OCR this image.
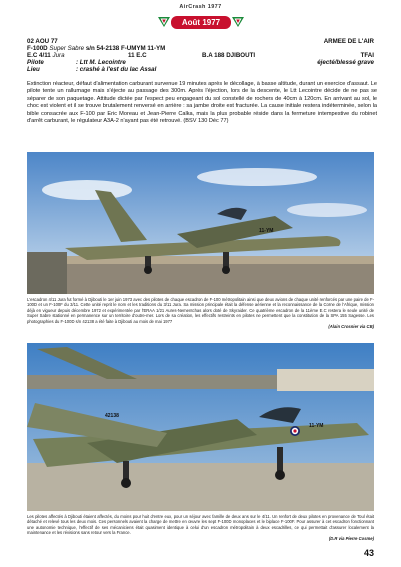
AirCrash 1977
Août 1977
02 AOU 77	ARMEE DE L'AIR
F-100D Super Sabre s/n 54-2138 F-UMYM 11-YM
E.C 4/11 Jura	11 E.C	B.A 188 DJIBOUTI	TFAI
Pilote	: Ltt M. Lecointre	éjecté/blessé grave
Lieu	: crashé à l'est du lac Assal
Extinction réacteur, défaut d'alimentation carburant survenue 19 minutes après le décollage, à basse altitude, durant un exercice d'assaut. Le pilote tente un rallumage mais s'éjecte au passage des 300m. Après l'éjection, lors de la descente, le Ltt Lecointre décide de ne pas se séparer de son paquetage. Attitude dictée par l'espect peu engageant du sol constellé de rochers de 40cm à 120cm. En arrivant au sol, le choc est violent et il se trouve brutalement renversé en arrière : sa jambe droite est fracturée. La cause initiale restera indéterminée, selon la bible consacrée aux F-100 par Eric Moreau et Jean-Pierre Calka, mais la plus probable réside dans la fermeture intempestive du robinet d'arrêt carburant, le régulateur A3A-2 n'ayant pas été retrouvé. (BSV 130 Déc 77)
11-YM
L'escadron 4/11 Jura fut formé à Djibouti le 1er juin 1973 avec des pilotes de chaque escadron de F-100 métropolitain ainsi que deux avions de chaque unité renforcés par une paire de F-100D et un F-100F du 3/11. Cette unité reprit le nom et les traditions du 3/11 Jura. Sa mission principale était la défense aérienne et la reconnaissance de la Corne de l'Afrique, mission déjà en vigueur depuis décembre 1972 et expérimentée par l'ERAA 1/21 Aures-Nementchas alors doté de Skyraider. Ce quatrième escadron de la 11ème E.C restera le seule unité de Super Sabre stationné en permanence sur un territoire d'outre-mer. Lors de sa création, les effectifs restreints en pilotes ne permettent que la constitution de la SPA 155 Sagesse. Les photographies du F-100D s/n 42138 a été faite à Djibouti au mois de mai 1977
(Alain Crosnier via CB)
42138
11-YM
Les pilotes affectés à Djibouti étaient affectés, du moins pour huit d'entre eux, pour un séjour avec famille de deux ans sur le 4/11. Un renfort de deux pilotes en provenance de Toul était détaché et relevé tous les deux mois. Ces personnels avaient la charge de mettre en œuvre les sept F-100D monoplaces et le biplace F-100F. Pour assurer à cet escadron fonctionnant une autonomie technique, l'effectif de ses mécaniciens était quasiment identique à celui d'un escadron métropolitain à deux escadrilles, ce qui permettait d'assurer localement la maintenance et les révisions sans retour vers la France.
(D.R via Pierre Cosme)
43
